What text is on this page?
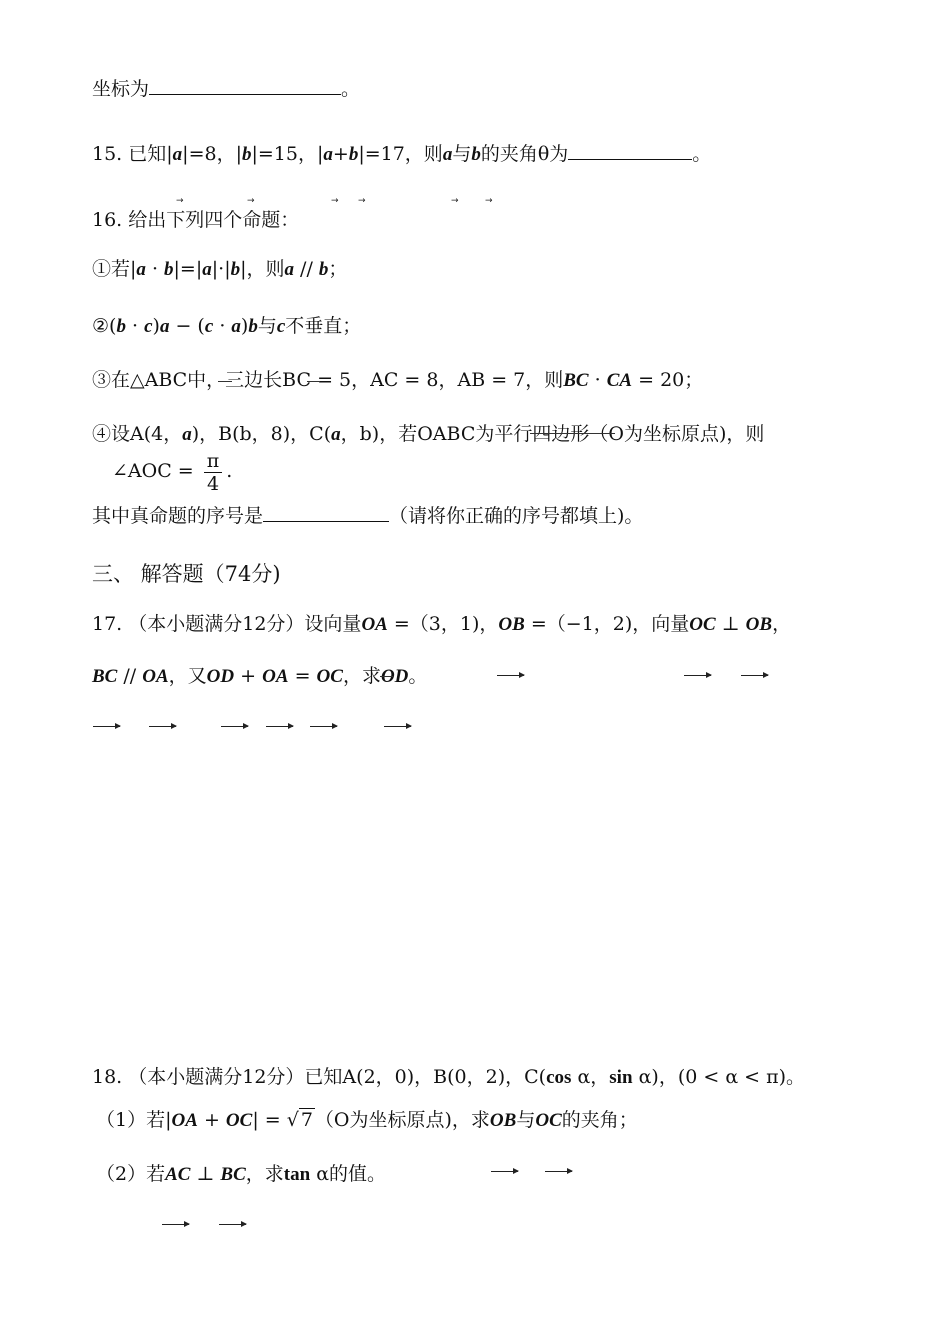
坐标为	。
15. 已知|a|=8，|b|=15，|a+b|=17，则a与b的夹角θ为	。
→	→	→ →	→	→
16. 给出下列四个命题：
①若|a · b|=|a|·|b|，则a // b；
②(b · c)a − (c · a)b与c不垂直；
③在△ABC中，三边长BC = 5，AC = 8，AB = 7，则BC · CA = 20；
④设A(4，a)，B(b，8)，C(a，b)，若OABC为平行四边形（O为坐标原点)，则
∠AOC = $\frac{\pi}{4}$ .
其中真命题的序号是	（请将你正确的序号都填上)。
三、 解答题（74分)
17. （本小题满分12分）设向量OA =（3，1)，OB =（−1，2)，向量OC ⊥ OB，
BC // OA，又OD + OA = OC，求OD。
18. （本小题满分12分）已知A(2，0)，B(0，2)，C(cos α，sin α)，(0 < α < π)。
（1）若|OA + OC| = √ 7 （O为坐标原点)，求OB与OC的夹角；
（2）若AC ⊥ BC，求tan α的值。
